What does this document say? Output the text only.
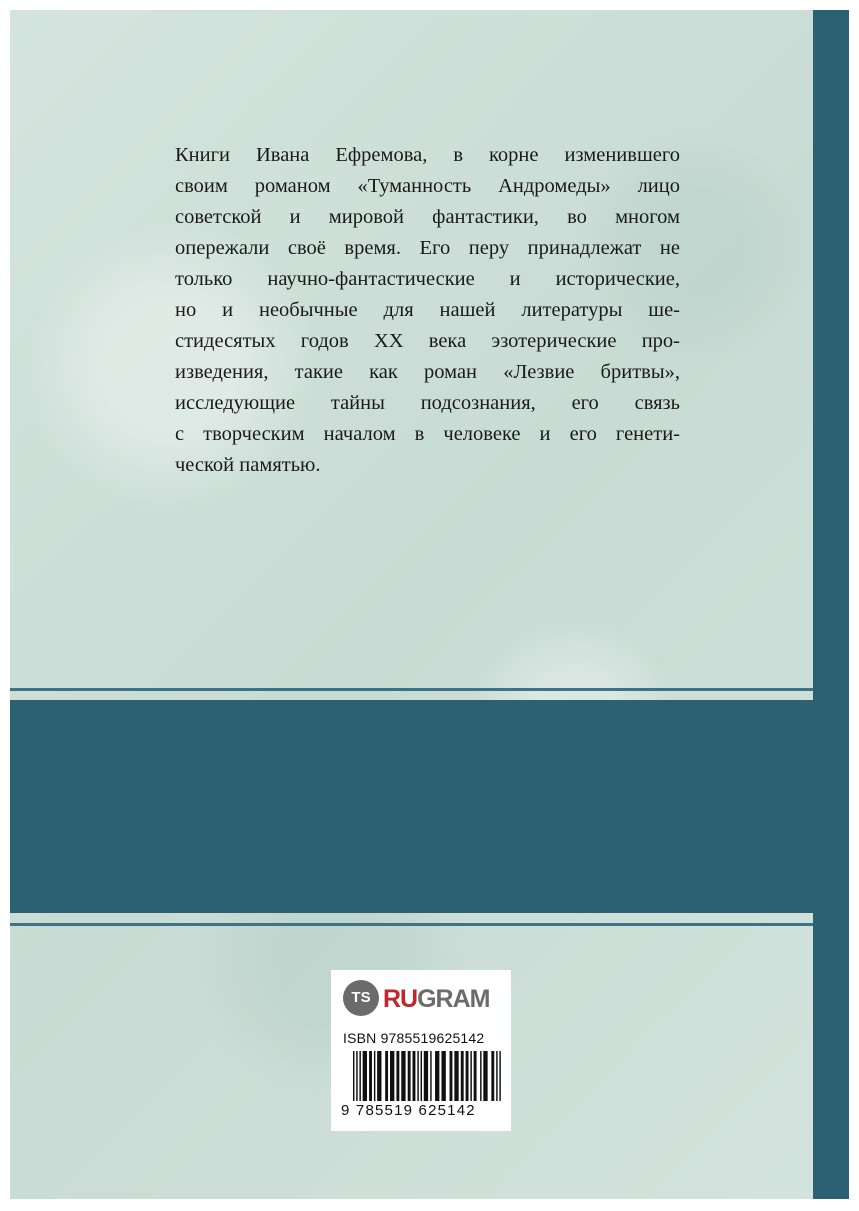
Книги Ивана Ефремова, в корне изменившего
своим романом «Туманность Андромеды» лицо
советской и мировой фантастики, во многом
опережали своё время. Его перу принадлежат не
только научно-фантастические и исторические,
но и необычные для нашей литературы ше-
стидесятых годов XX века эзотерические про-
изведения, такие как роман «Лезвие бритвы»,
исследующие тайны подсознания, его связь
с творческим началом в человеке и его генети-
ческой памятью.

TS RUGRAM
ISBN 9785519625142
9 785519 625142
